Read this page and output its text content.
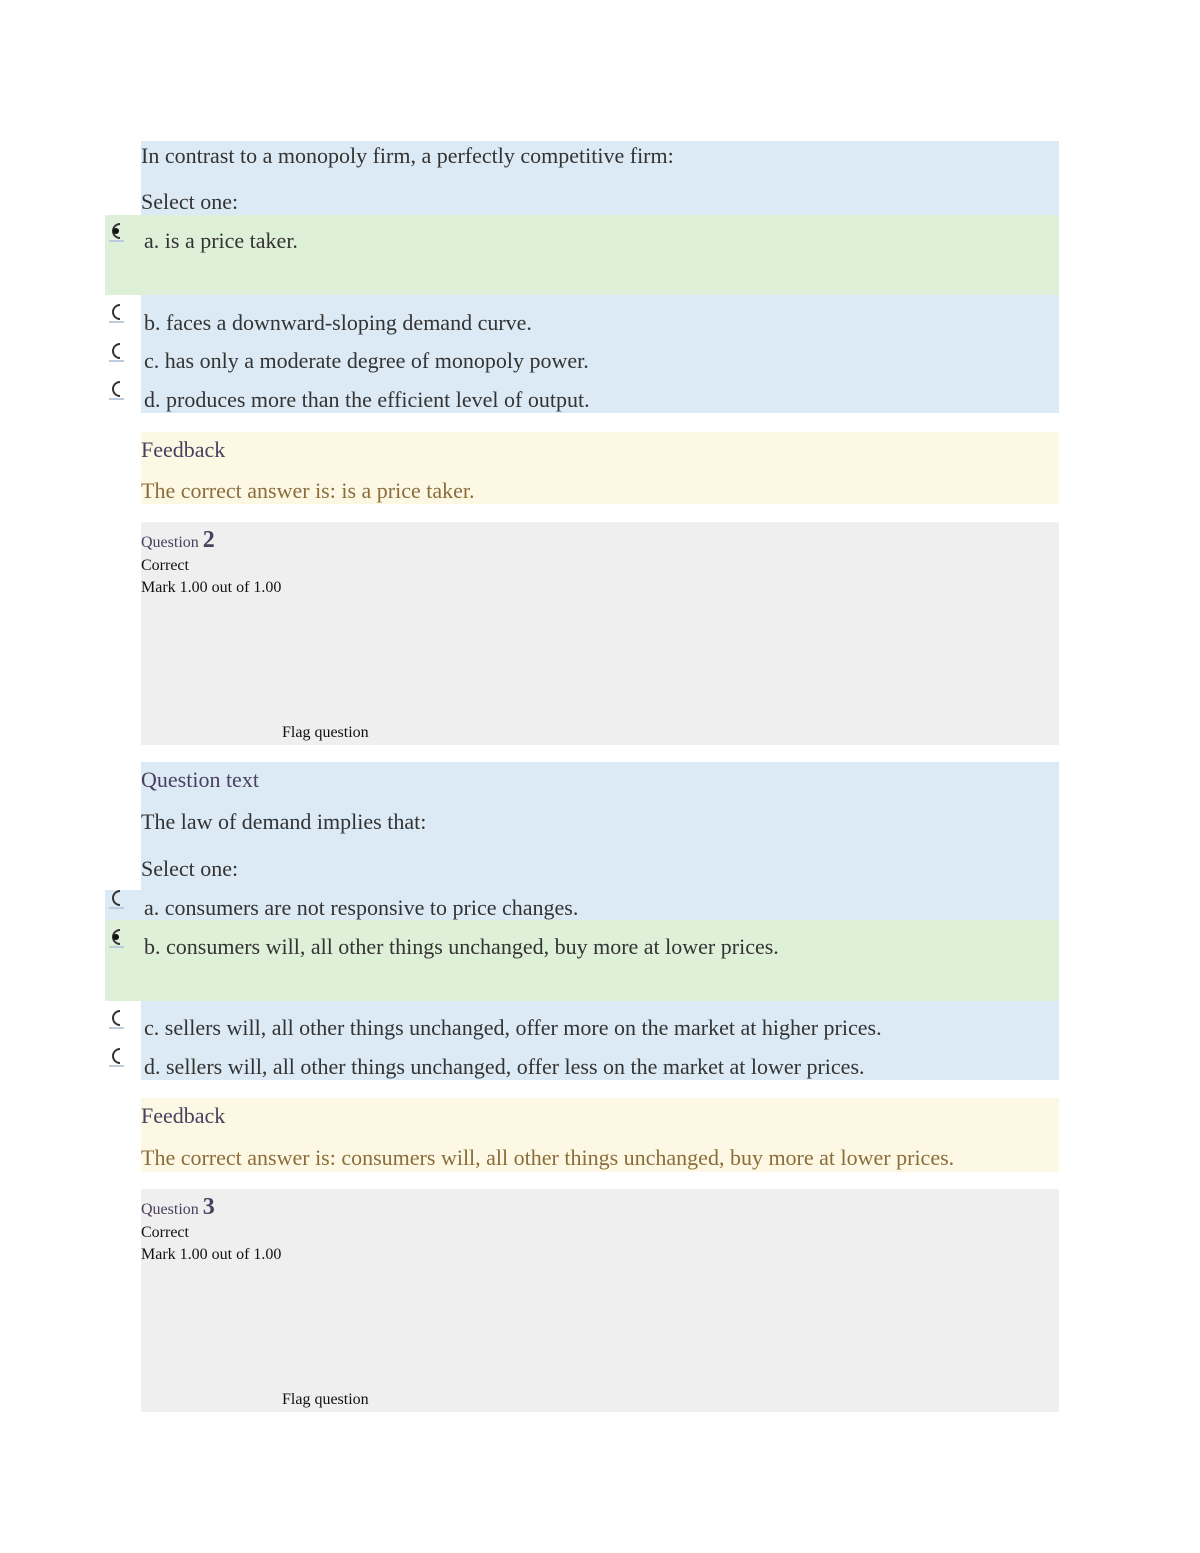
In contrast to a monopoly firm, a perfectly competitive firm:
Select one:
a. is a price taker.
b. faces a downward-sloping demand curve.
c. has only a moderate degree of monopoly power.
d. produces more than the efficient level of output.
Feedback
The correct answer is: is a price taker.
Question 2
Correct
Mark 1.00 out of 1.00
Flag question
Question text
The law of demand implies that:
Select one:
a. consumers are not responsive to price changes.
b. consumers will, all other things unchanged, buy more at lower prices.
c. sellers will, all other things unchanged, offer more on the market at higher prices.
d. sellers will, all other things unchanged, offer less on the market at lower prices.
Feedback
The correct answer is: consumers will, all other things unchanged, buy more at lower prices.
Question 3
Correct
Mark 1.00 out of 1.00
Flag question
